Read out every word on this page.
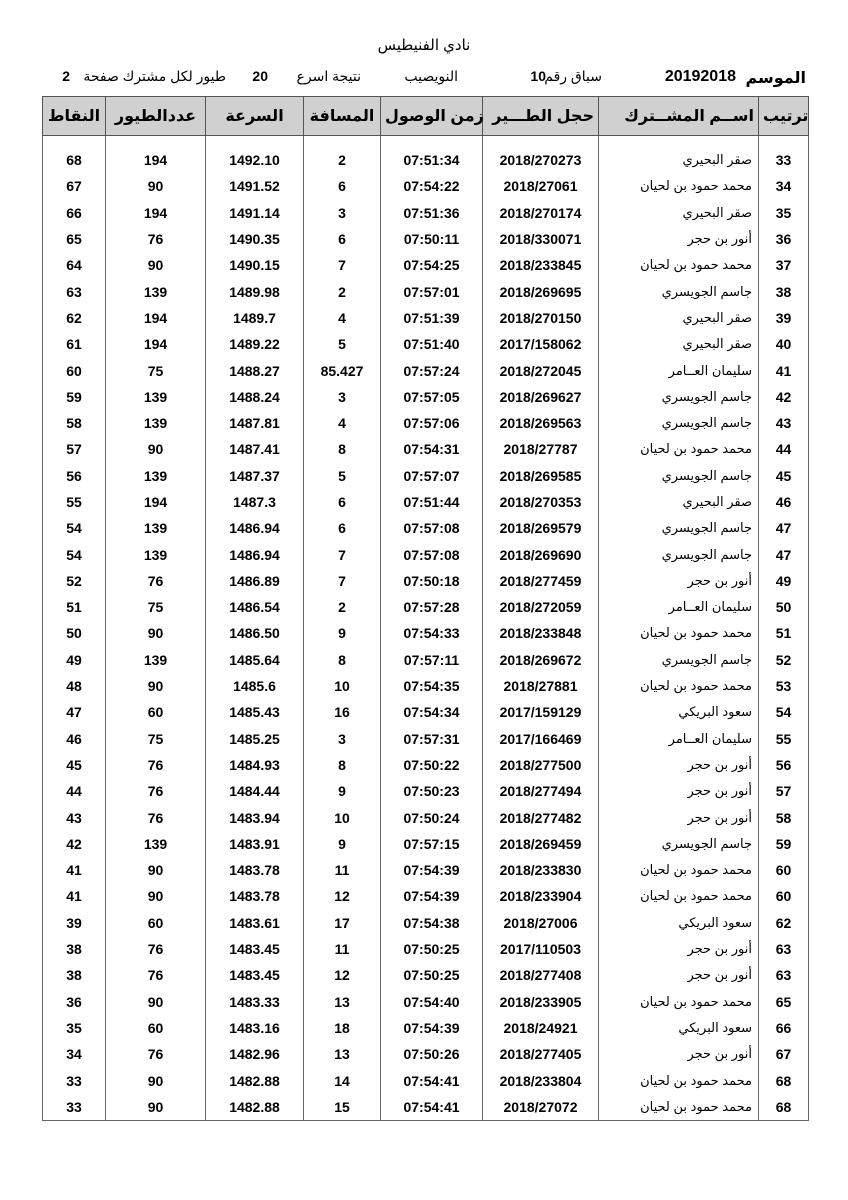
نادي الفنيطيس
الموسم
20192018
سباق رقم
10
النويصيب
نتيجة اسرع
20
طيور لكل مشترك صفحة
2
النقاط	عددالطيور	السرعة	المسافة	زمن الوصول	حجل الطـــير	اســم المشــترك	ترتيب

68	194	1492.10	2	07:51:34	2018/270273	صقر البحيري	33
67	90	1491.52	6	07:54:22	2018/27061	محمد حمود بن لحيان	34
66	194	1491.14	3	07:51:36	2018/270174	صقر البحيري	35
65	76	1490.35	6	07:50:11	2018/330071	أنور بن حجر	36
64	90	1490.15	7	07:54:25	2018/233845	محمد حمود بن لحيان	37
63	139	1489.98	2	07:57:01	2018/269695	جاسم الجويسري	38
62	194	1489.7	4	07:51:39	2018/270150	صقر البحيري	39
61	194	1489.22	5	07:51:40	2017/158062	صقر البحيري	40
60	75	1488.27	85.427	07:57:24	2018/272045	سليمان العــامر	41
59	139	1488.24	3	07:57:05	2018/269627	جاسم الجويسري	42
58	139	1487.81	4	07:57:06	2018/269563	جاسم الجويسري	43
57	90	1487.41	8	07:54:31	2018/27787	محمد حمود بن لحيان	44
56	139	1487.37	5	07:57:07	2018/269585	جاسم الجويسري	45
55	194	1487.3	6	07:51:44	2018/270353	صقر البحيري	46
54	139	1486.94	6	07:57:08	2018/269579	جاسم الجويسري	47
54	139	1486.94	7	07:57:08	2018/269690	جاسم الجويسري	47
52	76	1486.89	7	07:50:18	2018/277459	أنور بن حجر	49
51	75	1486.54	2	07:57:28	2018/272059	سليمان العــامر	50
50	90	1486.50	9	07:54:33	2018/233848	محمد حمود بن لحيان	51
49	139	1485.64	8	07:57:11	2018/269672	جاسم الجويسري	52
48	90	1485.6	10	07:54:35	2018/27881	محمد حمود بن لحيان	53
47	60	1485.43	16	07:54:34	2017/159129	سعود البريكي	54
46	75	1485.25	3	07:57:31	2017/166469	سليمان العــامر	55
45	76	1484.93	8	07:50:22	2018/277500	أنور بن حجر	56
44	76	1484.44	9	07:50:23	2018/277494	أنور بن حجر	57
43	76	1483.94	10	07:50:24	2018/277482	أنور بن حجر	58
42	139	1483.91	9	07:57:15	2018/269459	جاسم الجويسري	59
41	90	1483.78	11	07:54:39	2018/233830	محمد حمود بن لحيان	60
41	90	1483.78	12	07:54:39	2018/233904	محمد حمود بن لحيان	60
39	60	1483.61	17	07:54:38	2018/27006	سعود البريكي	62
38	76	1483.45	11	07:50:25	2017/110503	أنور بن حجر	63
38	76	1483.45	12	07:50:25	2018/277408	أنور بن حجر	63
36	90	1483.33	13	07:54:40	2018/233905	محمد حمود بن لحيان	65
35	60	1483.16	18	07:54:39	2018/24921	سعود البريكي	66
34	76	1482.96	13	07:50:26	2018/277405	أنور بن حجر	67
33	90	1482.88	14	07:54:41	2018/233804	محمد حمود بن لحيان	68
33	90	1482.88	15	07:54:41	2018/27072	محمد حمود بن لحيان	68
